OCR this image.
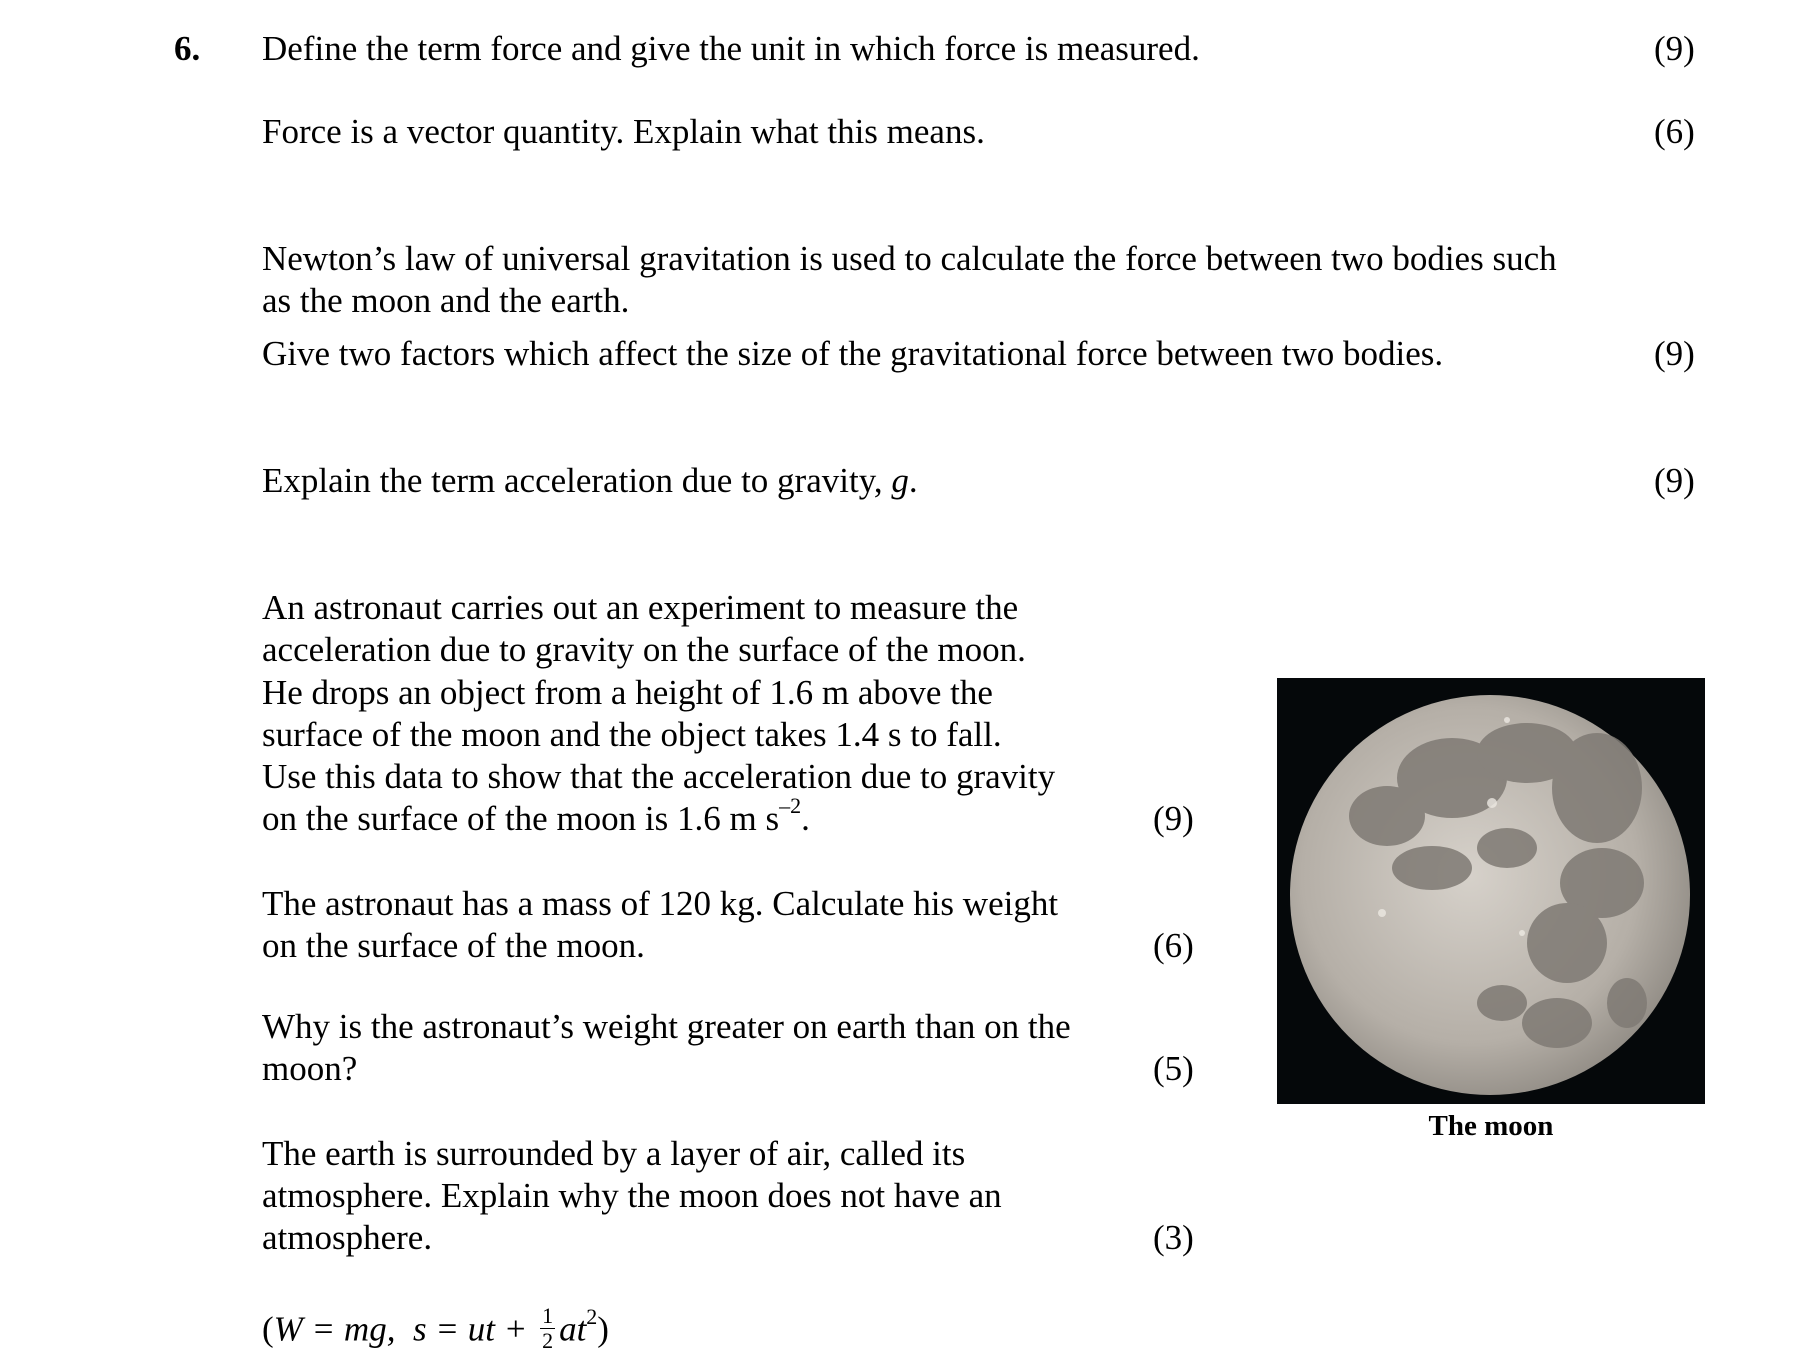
6. Define the term force and give the unit in which force is measured.	(9)
Force is a vector quantity. Explain what this means.	(6)
Newton’s law of universal gravitation is used to calculate the force between two bodies such
as the moon and the earth.
Give two factors which affect the size of the gravitational force between two bodies.	(9)
Explain the term acceleration due to gravity, g.	(9)
An astronaut carries out an experiment to measure the
acceleration due to gravity on the surface of the moon.
He drops an object from a height of 1.6 m above the
surface of the moon and the object takes 1.4 s to fall.
Use this data to show that the acceleration due to gravity
on the surface of the moon is 1.6 m $s^{-2}$.	(9)
The astronaut has a mass of 120 kg. Calculate his weight
on the surface of the moon.	(6)
Why is the astronaut’s weight greater on earth than on the
moon?	(5)
The earth is surrounded by a layer of air, called its
atmosphere. Explain why the moon does not have an
atmosphere.	(3)
(W = mg, s = ut + $\frac{1}{2} at^2$)
The moon
